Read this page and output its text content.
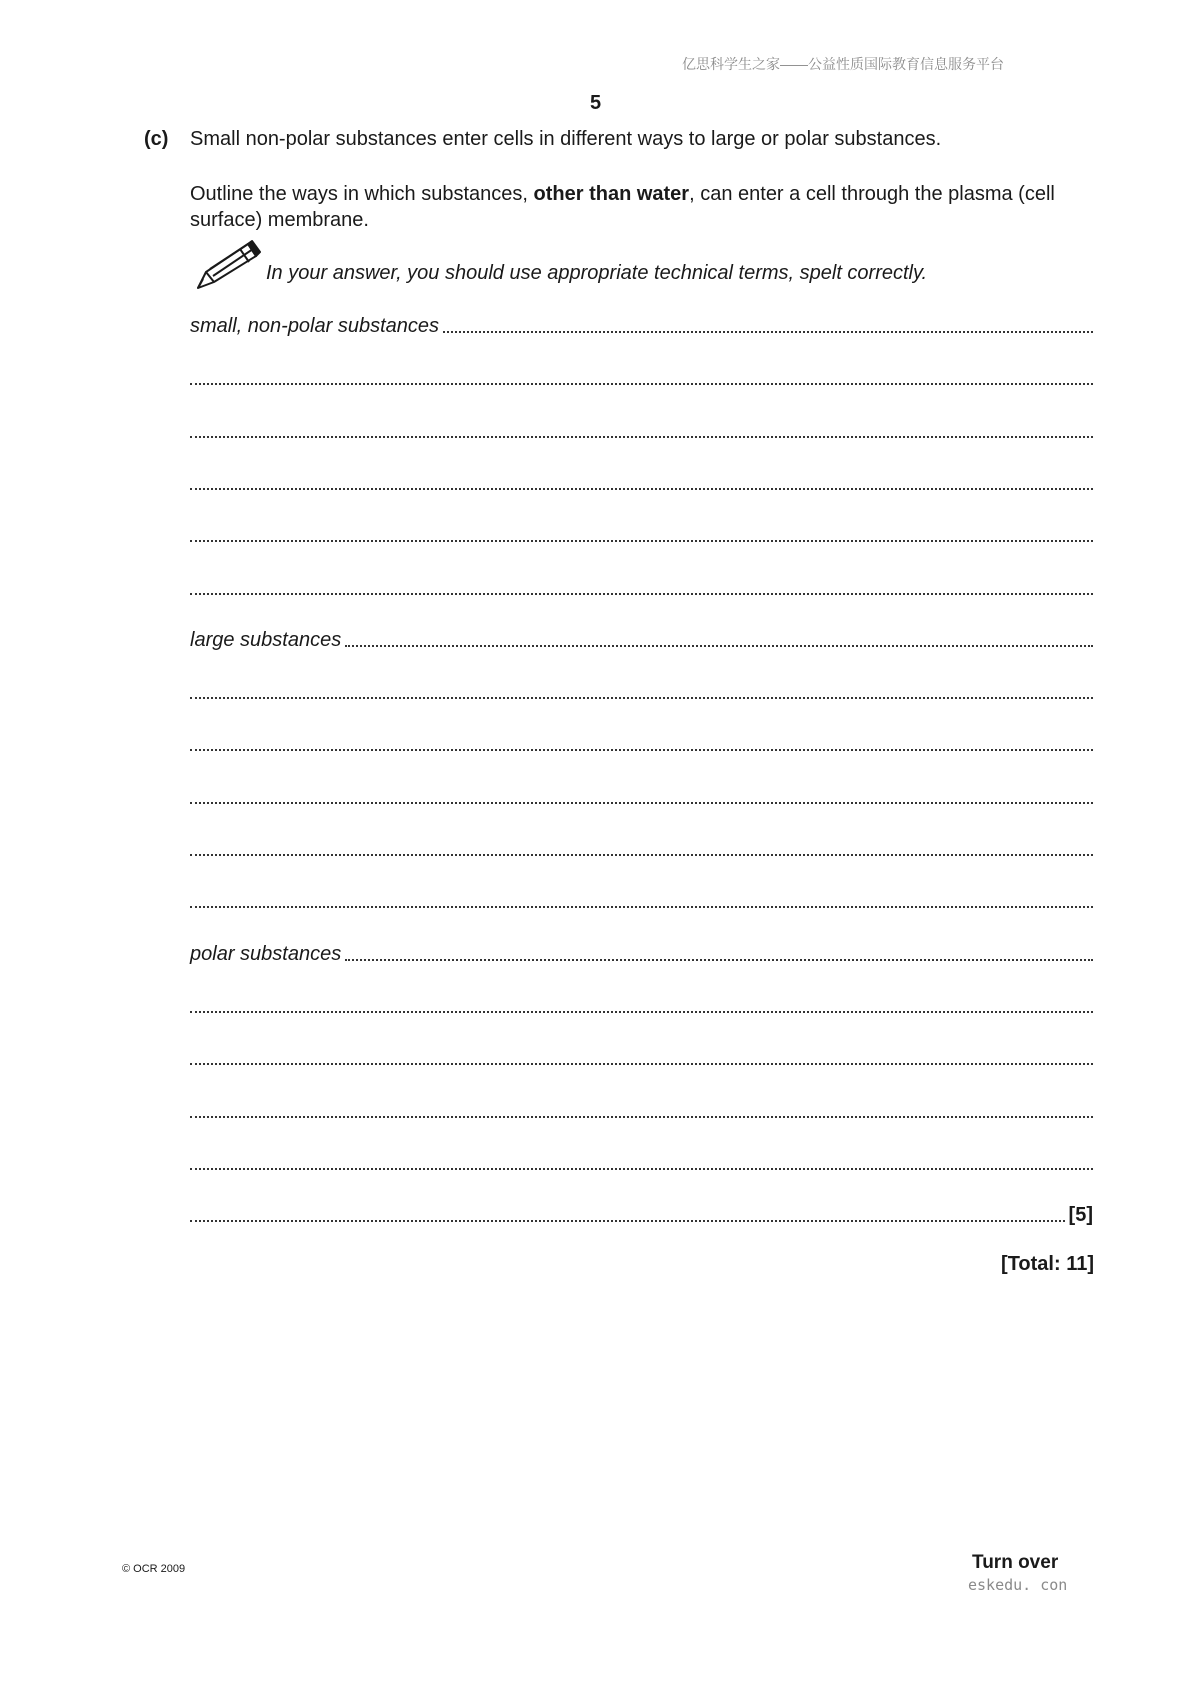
亿思科学生之家——公益性质国际教育信息服务平台
5
(c) Small non-polar substances enter cells in different ways to large or polar substances.
Outline the ways in which substances, other than water, can enter a cell through the plasma (cell surface) membrane.
In your answer, you should use appropriate technical terms, spelt correctly.
small, non-polar substances
large substances
polar substances
[5]
[Total: 11]
© OCR 2009	Turn over
eskedu. con
